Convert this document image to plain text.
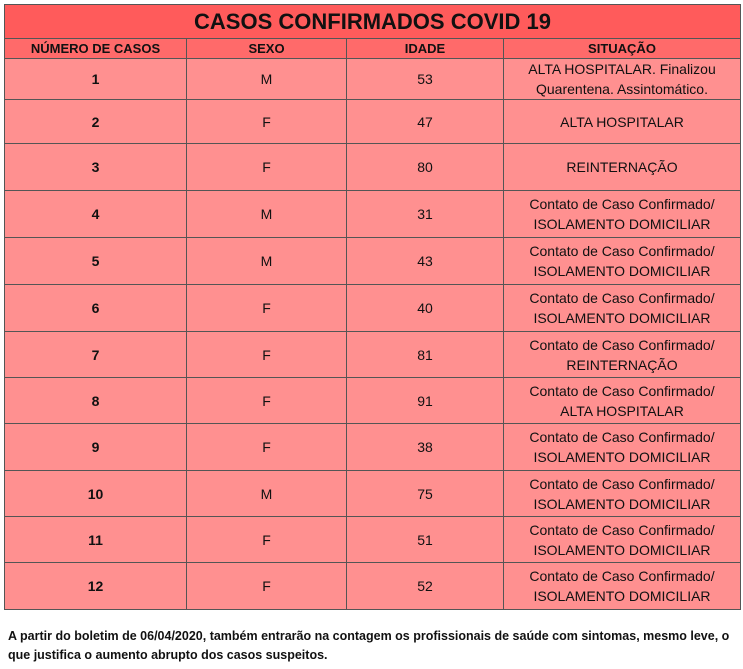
CASOS CONFIRMADOS COVID 19			
NÚMERO DE CASOS	SEXO	IDADE	SITUAÇÃO
1	M	53	ALTA HOSPITALAR. Finalizou
Quarentena. Assintomático.
2	F	47	ALTA HOSPITALAR
3	F	80	REINTERNAÇÃO
4	M	31	Contato de Caso Confirmado/
ISOLAMENTO DOMICILIAR
5	M	43	Contato de Caso Confirmado/
ISOLAMENTO DOMICILIAR
6	F	40	Contato de Caso Confirmado/
ISOLAMENTO DOMICILIAR
7	F	81	Contato de Caso Confirmado/
REINTERNAÇÃO
8	F	91	Contato de Caso Confirmado/
ALTA HOSPITALAR
9	F	38	Contato de Caso Confirmado/
ISOLAMENTO DOMICILIAR
10	M	75	Contato de Caso Confirmado/
ISOLAMENTO DOMICILIAR
11	F	51	Contato de Caso Confirmado/
ISOLAMENTO DOMICILIAR
12	F	52	Contato de Caso Confirmado/
ISOLAMENTO DOMICILIAR
A partir do boletim de 06/04/2020, também entrarão na contagem os profissionais de saúde com sintomas, mesmo leve, o que justifica o aumento abrupto dos casos suspeitos.
